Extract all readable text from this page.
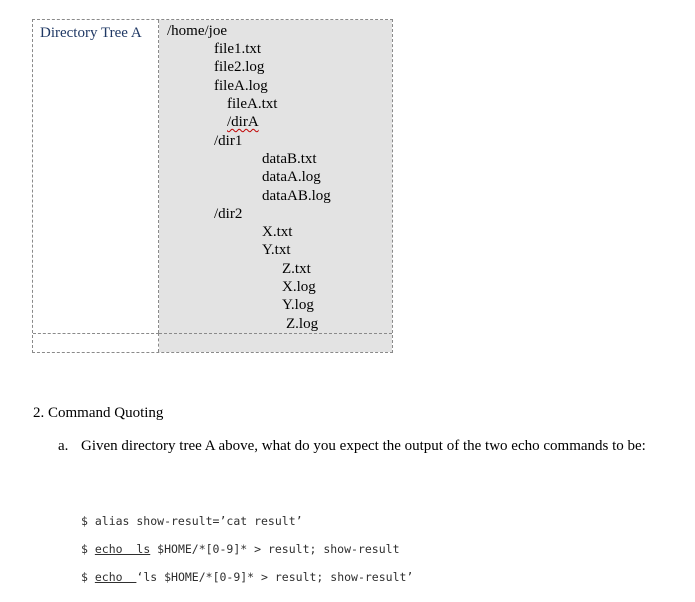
Directory Tree A /home/joe
file1.txt
file2.log
fileA.log
fileA.txt
/dirA
/dir1
dataB.txt
dataA.log
dataAB.log
/dir2
X.txt
Y.txt
Z.txt
X.log
Y.log
Z.log
2. Command Quoting
a. Given directory tree A above, what do you expect the output of the two echo commands to be:
$ alias show-result=’cat result’
$ echo  ls $HOME/*[0-9]* > result; show-result
$ echo  ‘ls $HOME/*[0-9]* > result; show-result’
